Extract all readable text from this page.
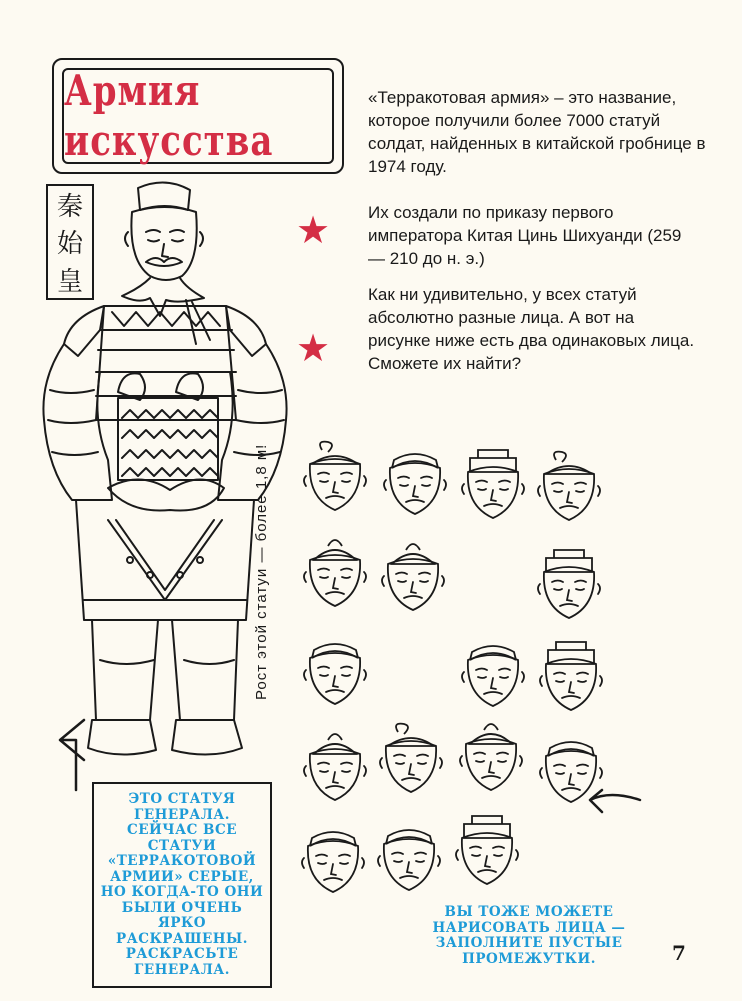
Армия искусства
«Терракотовая армия» – это название, которое получили более 7000 статуй солдат, найденных в китайской гробнице в 1974 году.
★ Их создали по приказу первого императора Китая Цинь Шихуанди (259 — 210 до н. э.)
★
Как ни удивительно, у всех статуй абсолютно разные лица. А вот на рисунке ниже есть два одинаковых лица. Сможете их найти?
秦
始
皇
Рост этой статуи — более 1,8 м!
ЭТО СТАТУЯ ГЕНЕРАЛА. СЕЙЧАС ВСЕ СТАТУИ «ТЕРРАКОТОВОЙ АРМИИ» СЕРЫЕ, НО КОГДА-ТО ОНИ БЫЛИ ОЧЕНЬ ЯРКО РАСКРАШЕНЫ. РАСКРАСЬТЕ ГЕНЕРАЛА.
ВЫ ТОЖЕ МОЖЕТЕ НАРИСОВАТЬ ЛИЦА — ЗАПОЛНИТЕ ПУСТЫЕ ПРОМЕЖУТКИ.	7
